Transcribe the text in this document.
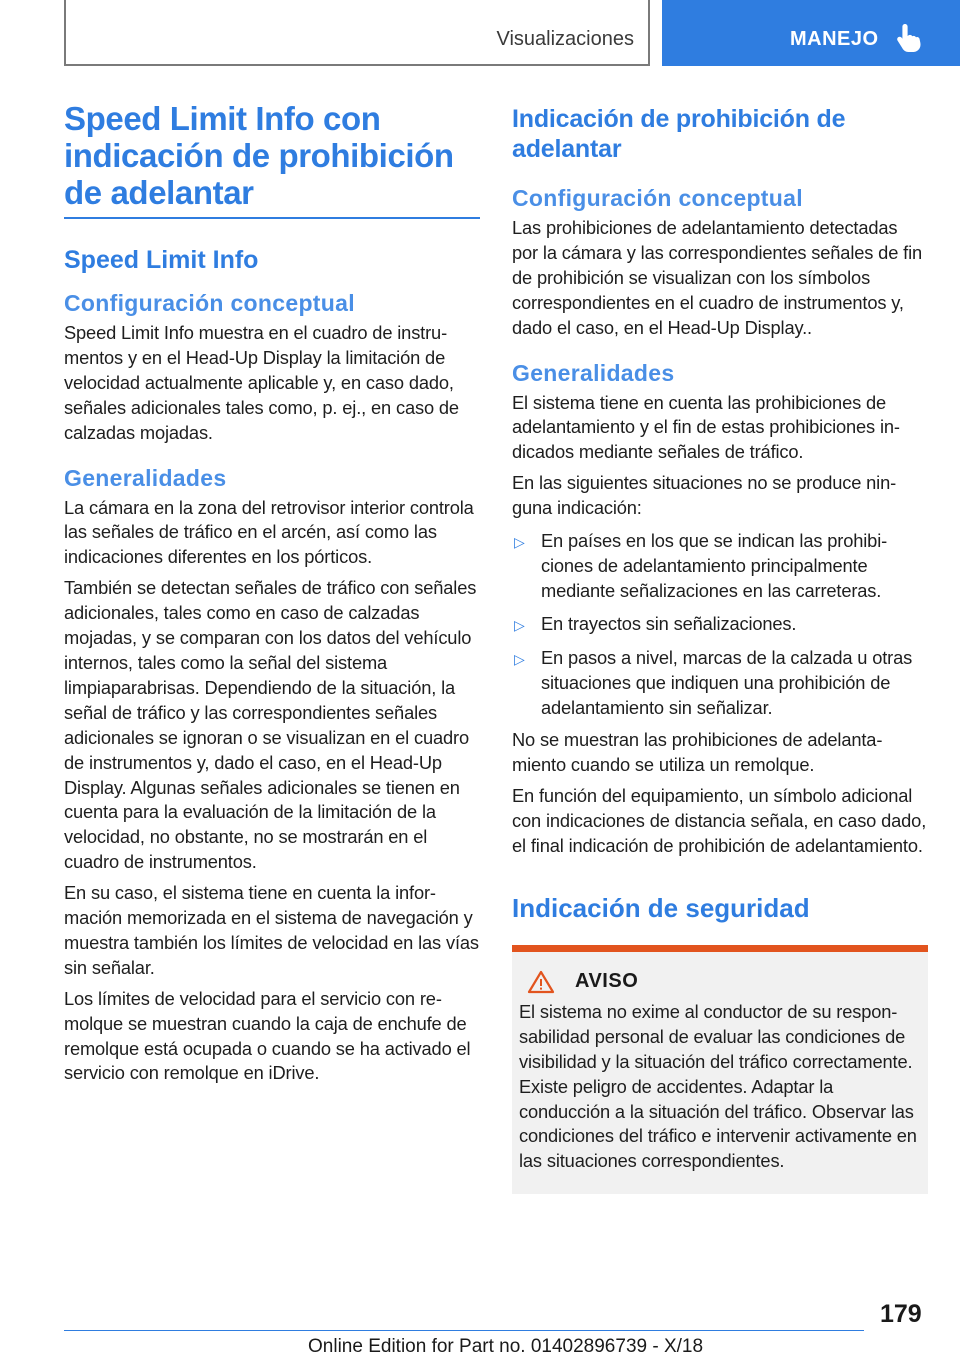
Visualizaciones	MANEJO
Speed Limit Info con indicación de prohibición de adelantar
Speed Limit Info
Configuración conceptual

Speed Limit Info muestra en el cuadro de instrumentos y en el Head-Up Display la limitación de velocidad actualmente aplicable y, en caso dado, señales adicionales tales como, p. ej., en caso de calzadas mojadas.

Generalidades

La cámara en la zona del retrovisor interior controla las señales de tráfico en el arcén, así como las indicaciones diferentes en los pórticos.

También se detectan señales de tráfico con señales adicionales, tales como en caso de calzadas mojadas, y se comparan con los datos del vehículo internos, tales como la señal del sistema limpiaparabrisas. Dependiendo de la situación, la señal de tráfico y las correspondientes señales adicionales se ignoran o se visualizan en el cuadro de instrumentos y, dado el caso, en el Head-Up Display. Algunas señales adicionales se tienen en cuenta para la evaluación de la limitación de la velocidad, no obstante, no se mostrarán en el cuadro de instrumentos.

En su caso, el sistema tiene en cuenta la información memorizada en el sistema de navegación y muestra también los límites de velocidad en las vías sin señalar.

Los límites de velocidad para el servicio con remolque se muestran cuando la caja de enchufe de remolque está ocupada o cuando se ha activado el servicio con remolque en iDrive.

Indicación de prohibición de adelantar
Configuración conceptual

Las prohibiciones de adelantamiento detectadas por la cámara y las correspondientes señales de fin de prohibición se visualizan con los símbolos correspondientes en el cuadro de instrumentos y, dado el caso, en el Head-Up Display..

Generalidades

El sistema tiene en cuenta las prohibiciones de adelantamiento y el fin de estas prohibiciones indicados mediante señales de tráfico.

En las siguientes situaciones no se produce ninguna indicación:

▷ En países en los que se indican las prohibiciones de adelantamiento principalmente mediante señalizaciones en las carreteras.
▷ En trayectos sin señalizaciones.
▷ En pasos a nivel, marcas de la calzada u otras situaciones que indiquen una prohibición de adelantamiento sin señalizar.

No se muestran las prohibiciones de adelantamiento cuando se utiliza un remolque.

En función del equipamiento, un símbolo adicional con indicaciones de distancia señala, en caso dado, el final indicación de prohibición de adelantamiento.

Indicación de seguridad
AVISO

El sistema no exime al conductor de su responsabilidad personal de evaluar las condiciones de visibilidad y la situación del tráfico correctamente. Existe peligro de accidentes. Adaptar la conducción a la situación del tráfico. Observar las condiciones del tráfico e intervenir activamente en las situaciones correspondientes.

179
Online Edition for Part no. 01402896739 - X/18
